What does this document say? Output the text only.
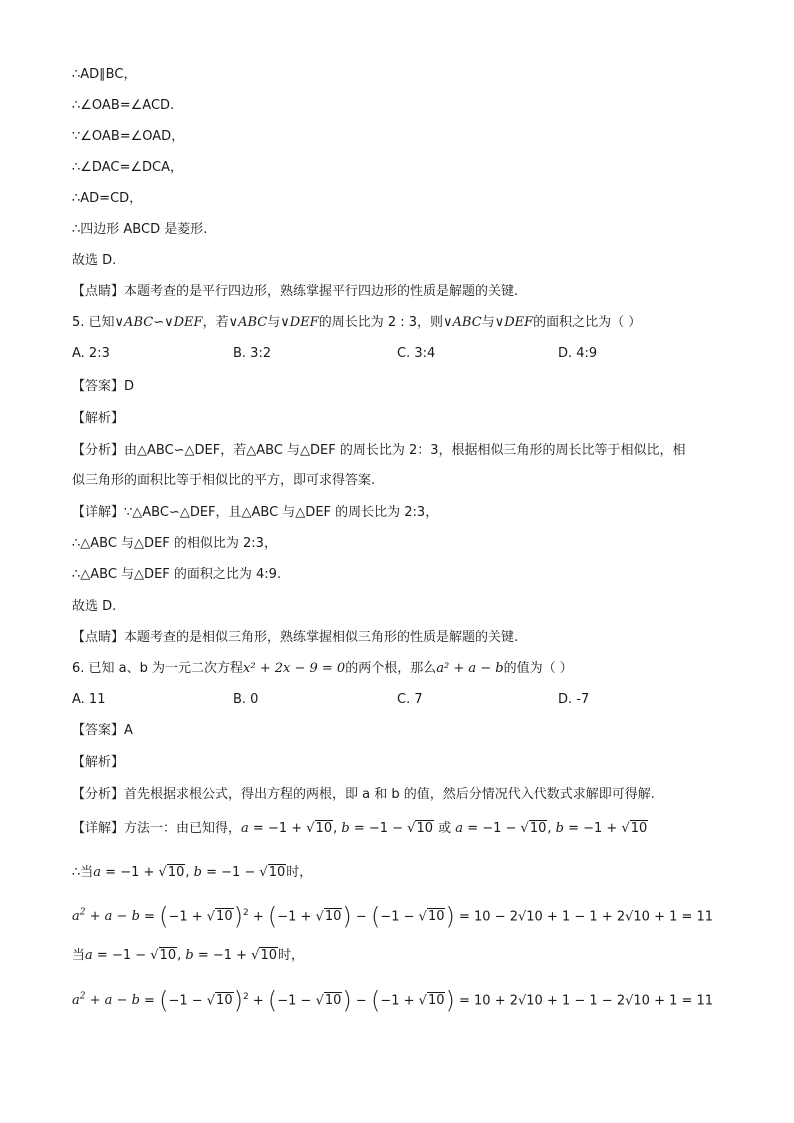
∴AD∥BC，
∴∠OAB=∠ACD.
∵∠OAB=∠OAD，
∴∠DAC=∠DCA，
∴AD=CD，
∴四边形 ABCD 是菱形.
故选 D.
【点睛】本题考查的是平行四边形，熟练掌握平行四边形的性质是解题的关键.
5. 已知∨ABC∽∨DEF，若∨ABC与∨DEF的周长比为 2 : 3，则∨ABC与∨DEF的面积之比为（ ）
A. 2:3	B. 3:2	C. 3:4	D. 4:9
【答案】D
【解析】
【分析】由△ABC∽△DEF，若△ABC 与△DEF 的周长比为 2：3，根据相似三角形的周长比等于相似比，相
似三角形的面积比等于相似比的平方，即可求得答案.
【详解】∵△ABC∽△DEF，且△ABC 与△DEF 的周长比为 2:3，
∴△ABC 与△DEF 的相似比为 2:3，
∴△ABC 与△DEF 的面积之比为 4:9.
故选 D.
【点睛】本题考查的是相似三角形，熟练掌握相似三角形的性质是解题的关键.
6. 已知 a、b 为一元二次方程x² + 2x − 9 = 0的两个根，那么a² + a − b的值为（ ）
A. 11	B. 0	C. 7	D. -7
【答案】A
【解析】
【分析】首先根据求根公式，得出方程的两根，即 a 和 b 的值，然后分情况代入代数式求解即可得解.
【详解】方法一：由已知得，a = −1 + √10, b = −1 − √10 或 a = −1 − √10, b = −1 + √10
∴当a = −1 + √10, b = −1 − √10时，
$a^2 + a - b = (-1 + √10)^2 + (-1 + √10) - (-1 - √10) = 10 - 2√10 + 1 - 1 + 2√10 + 1 = 11$
当a = −1 − √10, b = −1 + √10时，
$a^2 + a - b = (-1 - √10)^2 + (-1 - √10) - (-1 + √10) = 10 + 2√10 + 1 - 1 - 2√10 + 1 = 11$
